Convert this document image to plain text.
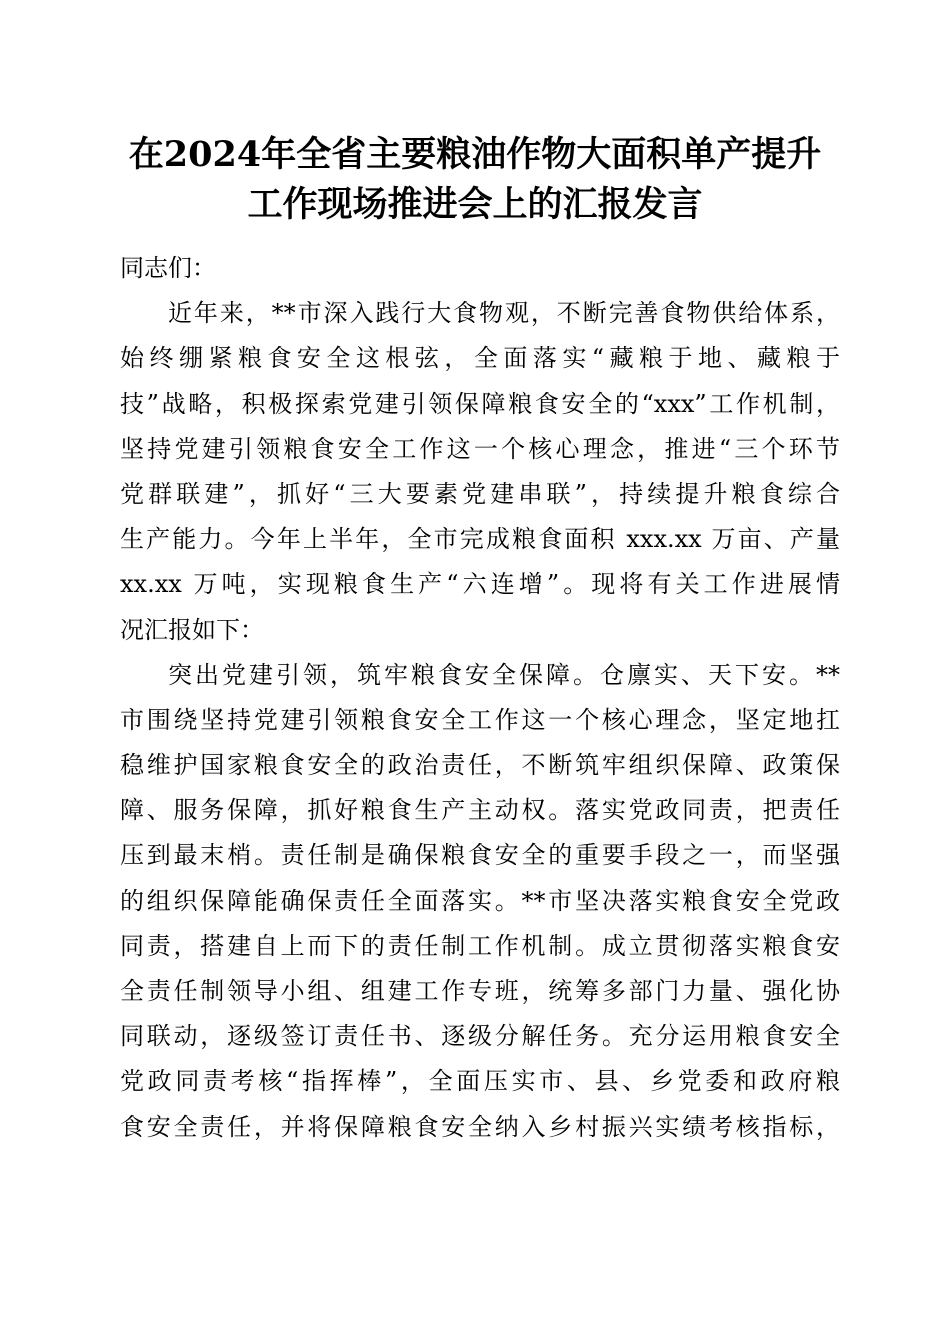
在2024年全省主要粮油作物大面积单产提升
工作现场推进会上的汇报发言
同志们：
近年来，**市深入践行大食物观，不断完善食物供给体系，
始终绷紧粮食安全这根弦，全面落实“藏粮于地、藏粮于
技”战略，积极探索党建引领保障粮食安全的“xxx”工作机制，
坚持党建引领粮食安全工作这一个核心理念，推进“三个环节
党群联建”，抓好“三大要素党建串联”，持续提升粮食综合
生产能力。今年上半年，全市完成粮食面积 xxx.xx 万亩、产量
xx.xx 万吨，实现粮食生产“六连增”。现将有关工作进展情
况汇报如下：
突出党建引领，筑牢粮食安全保障。仓廪实、天下安。**
市围绕坚持党建引领粮食安全工作这一个核心理念，坚定地扛
稳维护国家粮食安全的政治责任，不断筑牢组织保障、政策保
障、服务保障，抓好粮食生产主动权。落实党政同责，把责任
压到最末梢。责任制是确保粮食安全的重要手段之一，而坚强
的组织保障能确保责任全面落实。**市坚决落实粮食安全党政
同责，搭建自上而下的责任制工作机制。成立贯彻落实粮食安
全责任制领导小组、组建工作专班，统筹多部门力量、强化协
同联动，逐级签订责任书、逐级分解任务。充分运用粮食安全
党政同责考核“指挥棒”，全面压实市、县、乡党委和政府粮
食安全责任，并将保障粮食安全纳入乡村振兴实绩考核指标，
